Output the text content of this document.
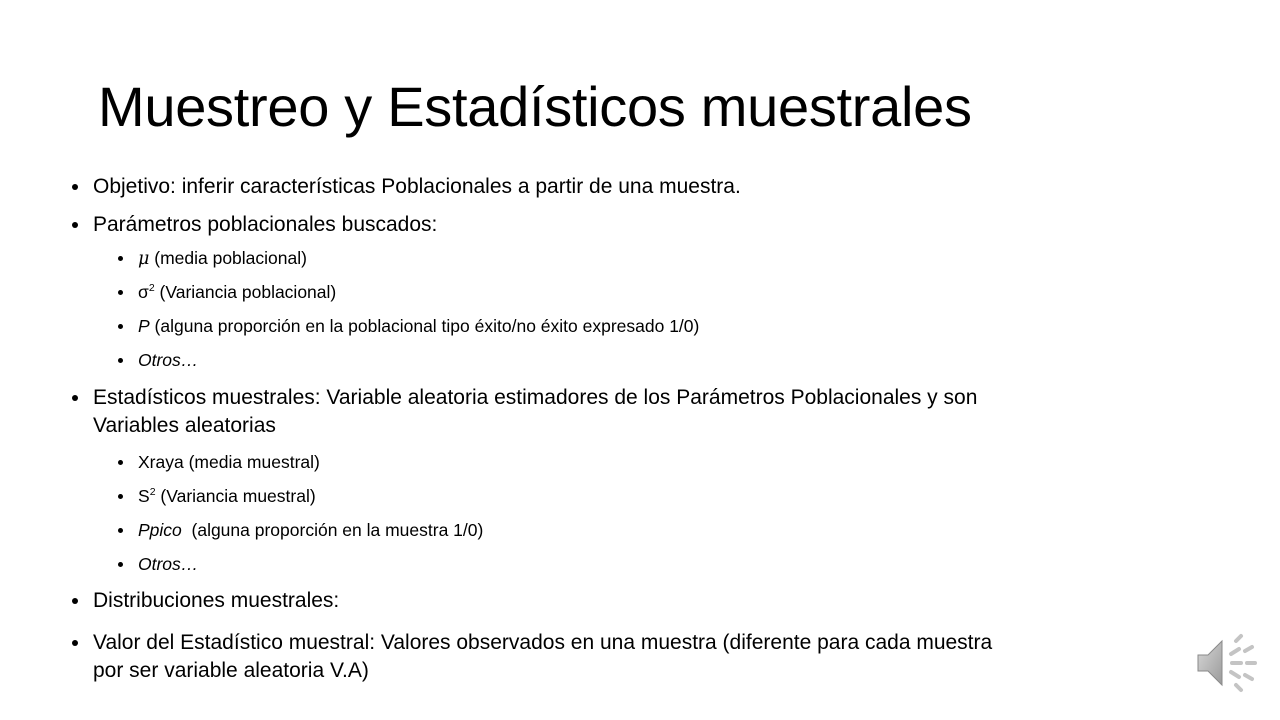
Muestreo y Estadísticos muestrales
Objetivo: inferir características Poblacionales a partir de una muestra.
Parámetros poblacionales buscados:
μ (media poblacional)
$\sigma^2$ (Variancia poblacional)
P (alguna proporción en la poblacional tipo éxito/no éxito expresado 1/0)
Otros…
Estadísticos muestrales: Variable aleatoria estimadores de los Parámetros Poblacionales y son
Variables aleatorias
Xraya (media muestral)
$S^2$ (Variancia muestral)
Ppico  (alguna proporción en la muestra 1/0)
Otros…
Distribuciones muestrales:
Valor del Estadístico muestral: Valores observados en una muestra (diferente para cada muestra
por ser variable aleatoria V.A)
